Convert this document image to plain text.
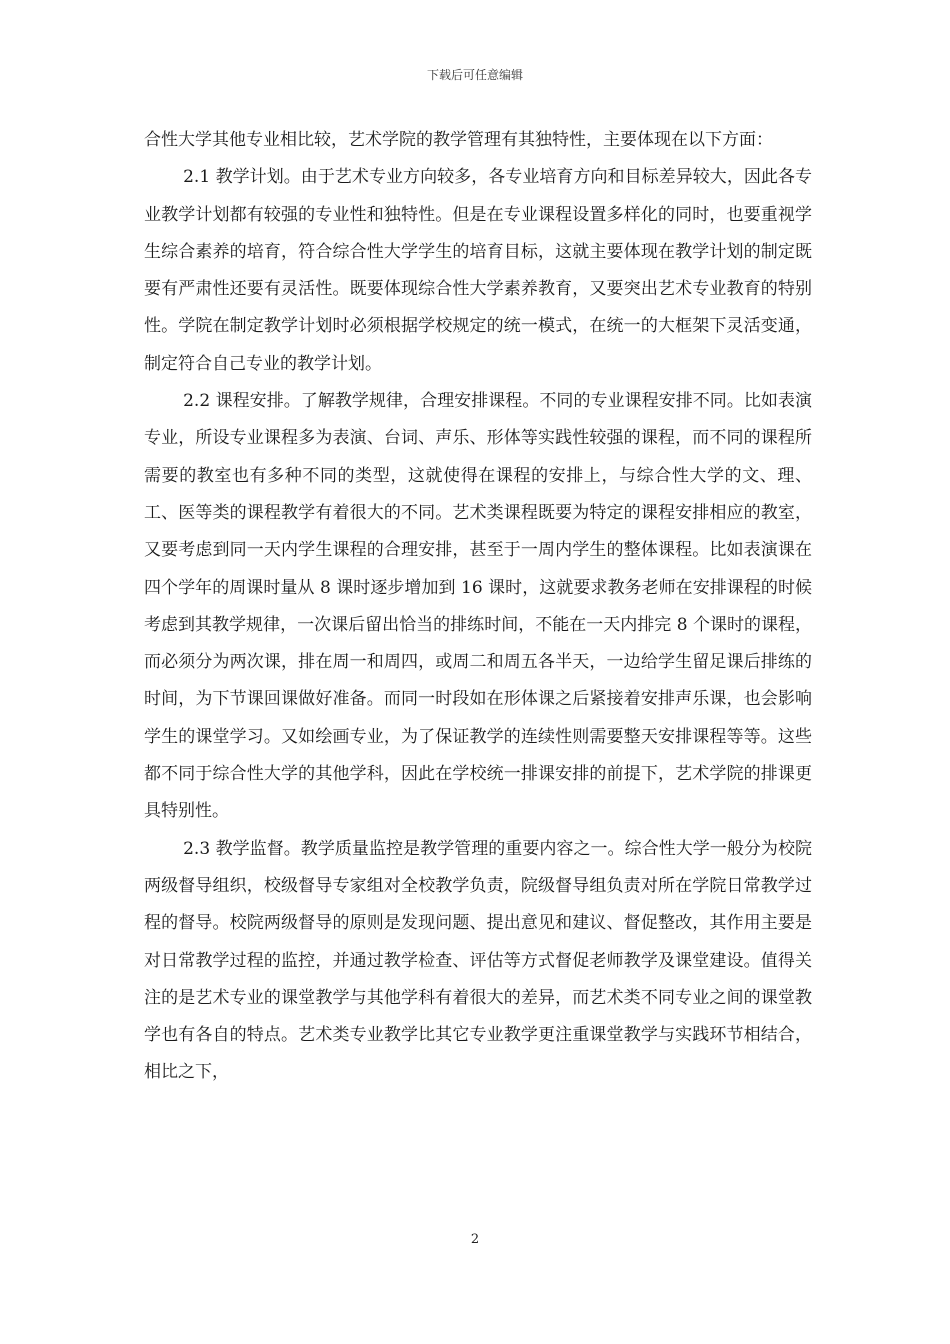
下载后可任意编辑

合性大学其他专业相比较，艺术学院的教学管理有其独特性，主要体现在以下方面：

2.1 教学计划。由于艺术专业方向较多，各专业培育方向和目标差异较大，因此各专业教学计划都有较强的专业性和独特性。但是在专业课程设置多样化的同时，也要重视学生综合素养的培育，符合综合性大学学生的培育目标，这就主要体现在教学计划的制定既要有严肃性还要有灵活性。既要体现综合性大学素养教育，又要突出艺术专业教育的特别性。学院在制定教学计划时必须根据学校规定的统一模式，在统一的大框架下灵活变通，制定符合自己专业的教学计划。

2.2 课程安排。了解教学规律，合理安排课程。不同的专业课程安排不同。比如表演专业，所设专业课程多为表演、台词、声乐、形体等实践性较强的课程，而不同的课程所需要的教室也有多种不同的类型，这就使得在课程的安排上，与综合性大学的文、理、工、医等类的课程教学有着很大的不同。艺术类课程既要为特定的课程安排相应的教室，又要考虑到同一天内学生课程的合理安排，甚至于一周内学生的整体课程。比如表演课在四个学年的周课时量从 8 课时逐步增加到 16 课时，这就要求教务老师在安排课程的时候考虑到其教学规律，一次课后留出恰当的排练时间，不能在一天内排完 8 个课时的课程，而必须分为两次课，排在周一和周四，或周二和周五各半天，一边给学生留足课后排练的时间，为下节课回课做好准备。而同一时段如在形体课之后紧接着安排声乐课，也会影响学生的课堂学习。又如绘画专业，为了保证教学的连续性则需要整天安排课程等等。这些都不同于综合性大学的其他学科，因此在学校统一排课安排的前提下，艺术学院的排课更具特别性。

2.3 教学监督。教学质量监控是教学管理的重要内容之一。综合性大学一般分为校院两级督导组织，校级督导专家组对全校教学负责，院级督导组负责对所在学院日常教学过程的督导。校院两级督导的原则是发现问题、提出意见和建议、督促整改，其作用主要是对日常教学过程的监控，并通过教学检查、评估等方式督促老师教学及课堂建设。值得关注的是艺术专业的课堂教学与其他学科有着很大的差异，而艺术类不同专业之间的课堂教学也有各自的特点。艺术类专业教学比其它专业教学更注重课堂教学与实践环节相结合，相比之下，

2
